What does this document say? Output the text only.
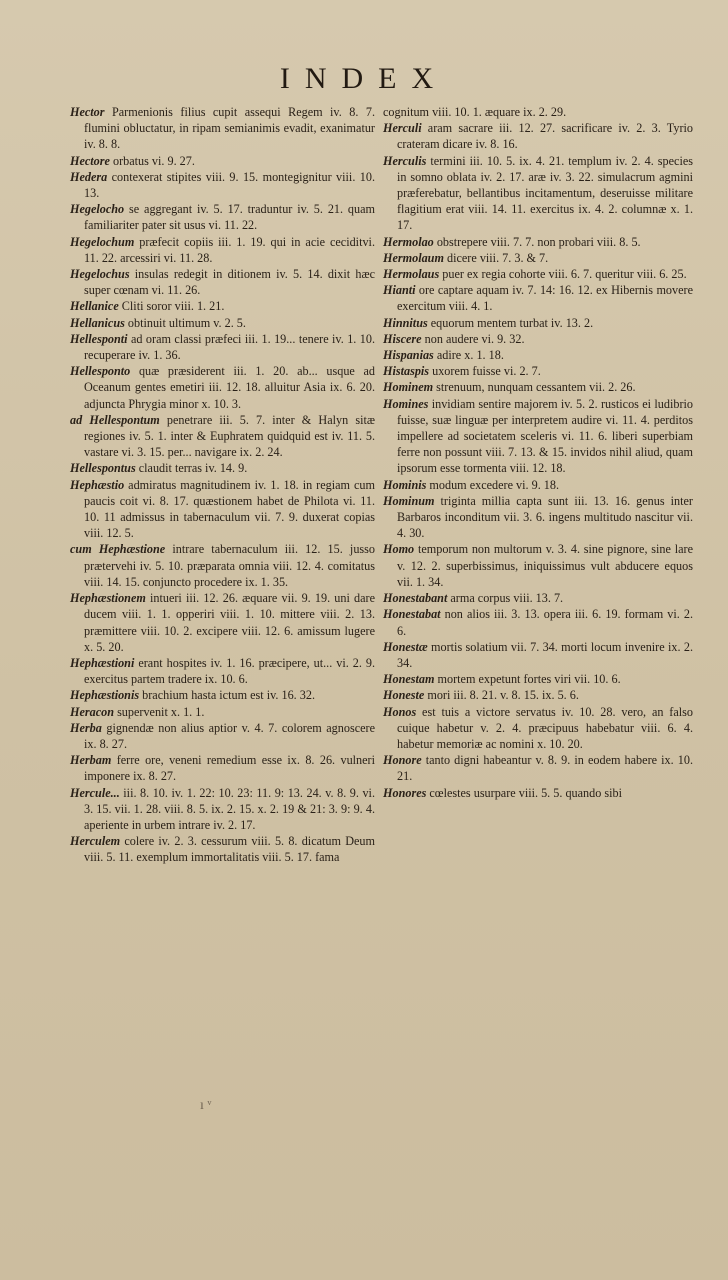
INDEX

Hector Parmenionis filius cupit assequi Regem iv. 8. 7. flumini obluctatur, in ripam semianimis evadit, exanimatur iv. 8. 8.

Hectore orbatus vi. 9. 27.

Hedera contexerat stipites viii. 9. 15. montegignitur viii. 10. 13.

Hegelocho se aggregant iv. 5. 17. traduntur iv. 5. 21. quam familiariter pater sit usus vi. 11. 22.

Hegelochum præfecit copiis iii. 1. 19. qui in acie ceciditvi. 11. 22. arcessiri vi. 11. 28.

Hegelochus insulas redegit in ditionem iv. 5. 14. dixit hæc super cœnam vi. 11. 26.

Hellanice Cliti soror viii. 1. 21.

Hellanicus obtinuit ultimum v. 2. 5.

Hellesponti ad oram classi præfeci iii. 1. 19... tenere iv. 1. 10. recuperare iv. 1. 36.

Hellesponto quæ præsiderent iii. 1. 20. ab... usque ad Oceanum gentes emetiri iii. 12. 18. alluitur Asia ix. 6. 20. adjuncta Phrygia minor x. 10. 3.

ad Hellespontum penetrare iii. 5. 7. inter & Halyn sitæ regiones iv. 5. 1. inter & Euphratem quidquid est iv. 11. 5. vastare vi. 3. 15. per... navigare ix. 2. 24.

Hellespontus claudit terras iv. 14. 9.

Hephæstio admiratus magnitudinem iv. 1. 18. in regiam cum paucis coit vi. 8. 17. quæstionem habet de Philota vi. 11. 10. 11 admissus in tabernaculum vii. 7. 9. duxerat copias viii. 12. 5.

cum Hephæstione intrare tabernaculum iii. 12. 15. jusso prætervehi iv. 5. 10. præparata omnia viii. 12. 4. comitatus viii. 14. 15. conjuncto procedere ix. 1. 35.

Hephæstionem intueri iii. 12. 26. æquare vii. 9. 19. uni dare ducem viii. 1. 1. opperiri viii. 1. 10. mittere viii. 2. 13. præmittere viii. 10. 2. excipere viii. 12. 6. amissum lugere x. 5. 20.

Hephæstioni erant hospites iv. 1. 16. præcipere, ut... vi. 2. 9. exercitus partem tradere ix. 10. 6.

Hephæstionis brachium hasta ictum est iv. 16. 32.

Heracon supervenit x. 1. 1.

Herba gignendæ non alius aptior v. 4. 7. colorem agnoscere ix. 8. 27.

Herbam ferre ore, veneni remedium esse ix. 8. 26. vulneri imponere ix. 8. 27.

Hercule... iii. 8. 10. iv. 1. 22: 10. 23: 11. 9: 13. 24. v. 8. 9. vi. 3. 15. vii. 1. 28. viii. 8. 5. ix. 2. 15. x. 2. 19 & 21: 3. 9: 9. 4. aperiente in urbem intrare iv. 2. 17.

Herculem colere iv. 2. 3. cessurum viii. 5. 8. dicatum Deum viii. 5. 11. exemplum immortalitatis viii. 5. 17. fama

cognitum viii. 10. 1. æquare ix. 2. 29.

Herculi aram sacrare iii. 12. 27. sacrificare iv. 2. 3. Tyrio crateram dicare iv. 8. 16.

Herculis termini iii. 10. 5. ix. 4. 21. templum iv. 2. 4. species in somno oblata iv. 2. 17. aræ iv. 3. 22. simulacrum agmini præferebatur, bellantibus incitamentum, deseruisse militare flagitium erat viii. 14. 11. exercitus ix. 4. 2. columnæ x. 1. 17.

Hermolao obstrepere viii. 7. 7. non probari viii. 8. 5.

Hermolaum dicere viii. 7. 3. & 7.

Hermolaus puer ex regia cohorte viii. 6. 7. queritur viii. 6. 25.

Hianti ore captare aquam iv. 7. 14: 16. 12. ex Hibernis movere exercitum viii. 4. 1.

Hinnitus equorum mentem turbat iv. 13. 2.

Hiscere non audere vi. 9. 32.

Hispanias adire x. 1. 18.

Histaspis uxorem fuisse vi. 2. 7.

Hominem strenuum, nunquam cessantem vii. 2. 26.

Homines invidiam sentire majorem iv. 5. 2. rusticos ei ludibrio fuisse, suæ linguæ per interpretem audire vi. 11. 4. perditos impellere ad societatem sceleris vi. 11. 6. liberi superbiam ferre non possunt viii. 7. 13. & 15. invidos nihil aliud, quam ipsorum esse tormenta viii. 12. 18.

Hominis modum excedere vi. 9. 18.

Hominum triginta millia capta sunt iii. 13. 16. genus inter Barbaros inconditum vii. 3. 6. ingens multitudo nascitur vii. 4. 30.

Homo temporum non multorum v. 3. 4. sine pignore, sine lare v. 12. 2. superbissimus, iniquissimus vult abducere equos vii. 1. 34.

Honestabant arma corpus viii. 13. 7.

Honestabat non alios iii. 3. 13. opera iii. 6. 19. formam vi. 2. 6.

Honestæ mortis solatium vii. 7. 34. morti locum invenire ix. 2. 34.

Honestam mortem expetunt fortes viri vii. 10. 6.

Honeste mori iii. 8. 21. v. 8. 15. ix. 5. 6.

Honos est tuis a victore servatus iv. 10. 28. vero, an falso cuique habetur v. 2. 4. præcipuus habebatur viii. 6. 4. habetur memoriæ ac nomini x. 10. 20.

Honore tanto digni habeantur v. 8. 9. in eodem habere ix. 10. 21.

Honores cœlestes usurpare viii. 5. 5. quando sibi

ı ᵛ
